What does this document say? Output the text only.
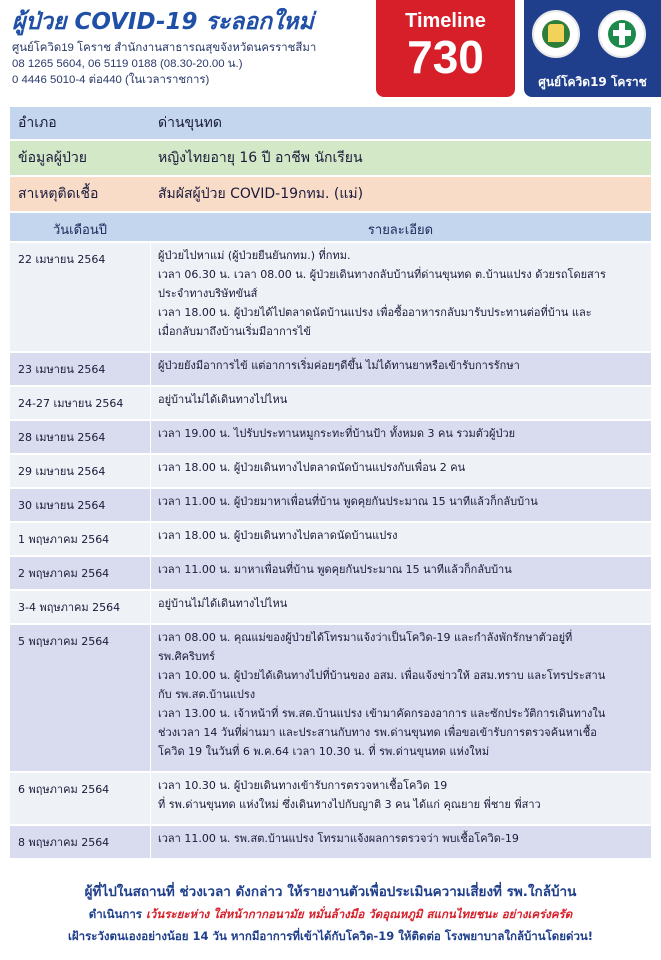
ผู้ป่วย COVID-19 ระลอกใหม่
ศูนย์โควิด19 โคราช สำนักงานสาธารณสุขจังหวัดนครราชสีมา
08 1265 5604, 06 5119 0188 (08.30-20.00 น.)
0 4446 5010-4 ต่อ440 (ในเวลาราชการ)
Timeline
730	ศูนย์โควิด19 โคราช
อำเภอ	ด่านขุนทด
ข้อมูลผู้ป่วย	หญิงไทยอายุ 16 ปี อาชีพ นักเรียน
สาเหตุติดเชื้อ	สัมผัสผู้ป่วย COVID-19กทม. (แม่)
วันเดือนปี	รายละเอียด
22 เมษายน 2564	ผู้ป่วยไปหาแม่ (ผู้ป่วยยืนยันกทม.) ที่กทม.
เวลา 06.30 น. เวลา 08.00 น. ผู้ป่วยเดินทางกลับบ้านที่ด่านขุนทด ต.บ้านแปรง ด้วยรถโดยสาร
ประจำทางบริษัทขันส์
เวลา 18.00 น. ผู้ป่วยได้ไปตลาดนัดบ้านแปรง เพื่อซื้ออาหารกลับมารับประทานต่อที่บ้าน และ
เมื่อกลับมาถึงบ้านเริ่มมีอาการไข้
23 เมษายน 2564	ผู้ป่วยยังมีอาการไข้ แต่อาการเริ่มค่อยๆดีขึ้น ไม่ได้ทานยาหรือเข้ารับการรักษา
24-27 เมษายน 2564	อยู่บ้านไม่ได้เดินทางไปไหน
28 เมษายน 2564	เวลา 19.00 น. ไปรับประทานหมูกระทะที่บ้านป้า ทั้งหมด 3 คน รวมตัวผู้ป่วย
29 เมษายน 2564	เวลา 18.00 น. ผู้ป่วยเดินทางไปตลาดนัดบ้านแปรงกับเพื่อน 2 คน
30 เมษายน 2564	เวลา 11.00 น. ผู้ป่วยมาหาเพื่อนที่บ้าน พูดคุยกันประมาณ 15 นาทีแล้วก็กลับบ้าน
1 พฤษภาคม 2564	เวลา 18.00 น. ผู้ป่วยเดินทางไปตลาดนัดบ้านแปรง
2 พฤษภาคม 2564	เวลา 11.00 น. มาหาเพื่อนที่บ้าน พูดคุยกันประมาณ 15 นาทีแล้วก็กลับบ้าน
3-4 พฤษภาคม 2564	อยู่บ้านไม่ได้เดินทางไปไหน
5 พฤษภาคม 2564	เวลา 08.00 น. คุณแม่ของผู้ป่วยได้โทรมาแจ้งว่าเป็นโควิด-19 และกำลังพักรักษาตัวอยู่ที่
รพ.ศิคริบทร์
เวลา 10.00 น. ผู้ป่วยได้เดินทางไปที่บ้านของ อสม. เพื่อแจ้งข่าวให้ อสม.ทราบ และโทรประสาน
กับ รพ.สต.บ้านแปรง
เวลา 13.00 น. เจ้าหน้าที่ รพ.สต.บ้านแปรง เข้ามาคัดกรองอาการ และซักประวัติการเดินทางใน
ช่วงเวลา 14 วันที่ผ่านมา และประสานกับทาง รพ.ด่านขุนทด เพื่อขอเข้ารับการตรวจค้นหาเชื้อ
โควิด 19 ในวันที่ 6 พ.ค.64 เวลา 10.30 น. ที่ รพ.ด่านขุนทด แห่งใหม่
6 พฤษภาคม 2564	เวลา 10.30 น. ผู้ป่วยเดินทางเข้ารับการตรวจหาเชื้อโควิด 19
ที่ รพ.ด่านขุนทด แห่งใหม่ ซึ่งเดินทางไปกับญาติ 3 คน ได้แก่ คุณยาย พี่ชาย พี่สาว
8 พฤษภาคม 2564	เวลา 11.00 น. รพ.สต.บ้านแปรง โทรมาแจ้งผลการตรวจว่า พบเชื้อโควิด-19
ผู้ที่ไปในสถานที่ ช่วงเวลา ดังกล่าว ให้รายงานตัวเพื่อประเมินความเสี่ยงที่ รพ.ใกล้บ้าน
ดำเนินการ เว้นระยะห่าง ใส่หน้ากากอนามัย หมั่นล้างมือ วัดอุณหภูมิ สแกนไทยชนะ อย่างเคร่งครัด
เฝ้าระวังตนเองอย่างน้อย 14 วัน หากมีอาการที่เข้าได้กับโควิด-19 ให้ติดต่อ โรงพยาบาลใกล้บ้านโดยด่วน!
